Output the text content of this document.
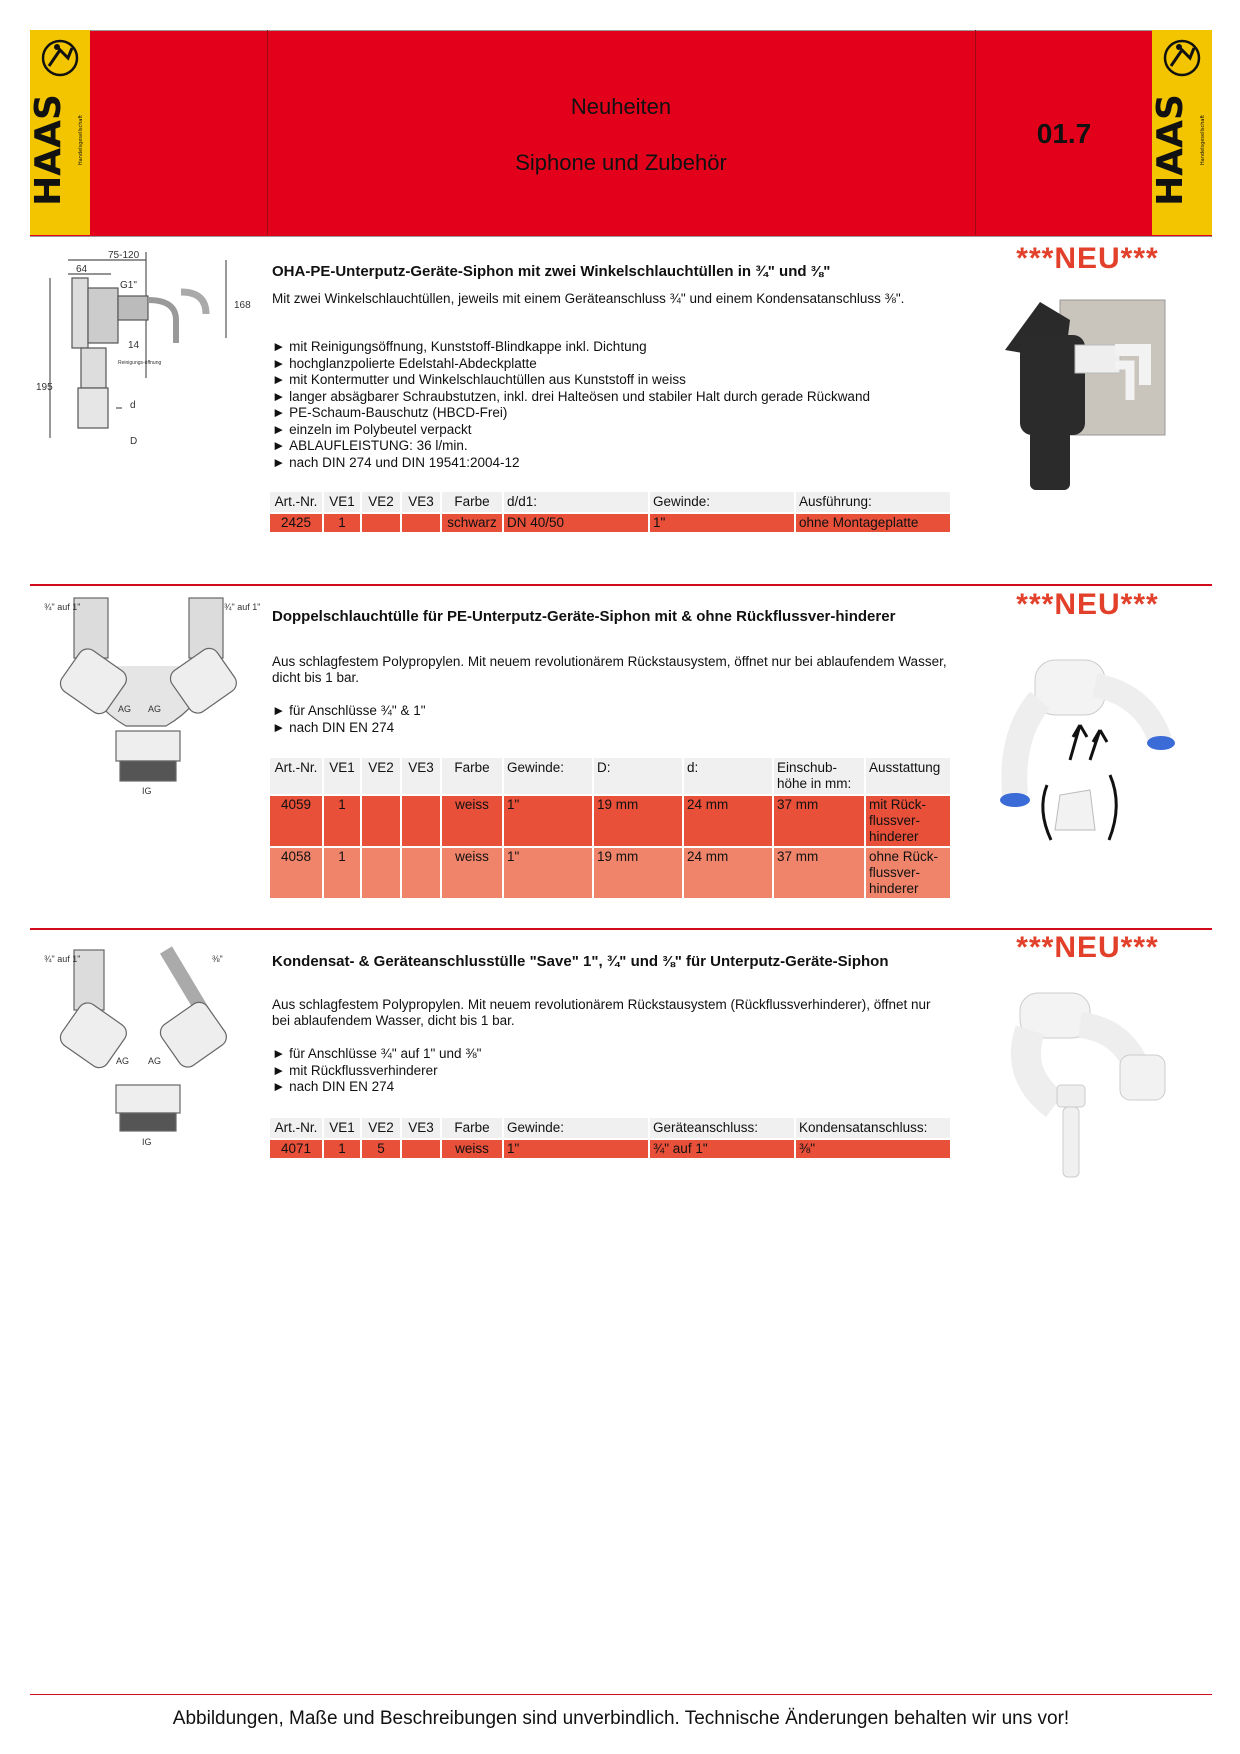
HAAS Handelsgesellschaft	HAAS Handelsgesellschaft
Neuheiten
Siphone und Zubehör
01.7
75-120
64
G1"
168
14
Reinigungs-öffnung
195
d
D
OHA-PE-Unterputz-Geräte-Siphon mit zwei Winkelschlauchtüllen in ¾" und ⅜"
Mit zwei Winkelschlauchtüllen, jeweils mit einem Geräteanschluss ¾" und einem Kondensatanschluss ⅜".
► mit Reinigungsöffnung, Kunststoff-Blindkappe inkl. Dichtung
► hochglanzpolierte Edelstahl-Abdeckplatte
► mit Kontermutter und Winkelschlauchtüllen aus Kunststoff in weiss
► langer absägbarer Schraubstutzen, inkl. drei Halteösen und stabiler Halt durch gerade Rückwand
► PE-Schaum-Bauschutz (HBCD-Frei)
► einzeln im Polybeutel verpackt
► ABLAUFLEISTUNG: 36 l/min.
► nach DIN 274 und DIN 19541:2004-12
Art.-Nr.	VE1	VE2	VE3	Farbe	d/d1:	Gewinde:	Ausführung:
2425	1			schwarz	DN 40/50	1"	ohne Montageplatte
***NEU***
¾" auf 1"	¾" auf 1"
AG AG
IG
Doppelschlauchtülle für PE-Unterputz-Geräte-Siphon mit & ohne Rückflussver-hinderer
Aus schlagfestem Polypropylen. Mit neuem revolutionärem Rückstausystem, öffnet nur bei ablaufendem Wasser, dicht bis 1 bar.
► für Anschlüsse ¾" & 1"
► nach DIN EN 274
Art.-Nr.	VE1	VE2	VE3	Farbe	Gewinde:	D:	d:	Einschub-höhe in mm:	Ausstattung
4059	1			weiss	1"	19 mm	24 mm	37 mm	mit Rück-flussver-hinderer
4058	1			weiss	1"	19 mm	24 mm	37 mm	ohne Rück-flussver-hinderer
***NEU***
¾" auf 1"	⅜"
AG AG
IG
Kondensat- & Geräteanschlusstülle "Save" 1", ¾" und ⅜" für Unterputz-Geräte-Siphon
Aus schlagfestem Polypropylen. Mit neuem revolutionärem Rückstausystem (Rückflussverhinderer), öffnet nur bei ablaufendem Wasser, dicht bis 1 bar.
► für Anschlüsse ¾" auf 1" und ⅜"
► mit Rückflussverhinderer
► nach DIN EN 274
Art.-Nr.	VE1	VE2	VE3	Farbe	Gewinde:	Geräteanschluss:	Kondensatanschluss:
4071	1	5		weiss	1"	¾" auf 1"	⅜"
***NEU***
Abbildungen, Maße und Beschreibungen sind unverbindlich. Technische Änderungen behalten wir uns vor!
